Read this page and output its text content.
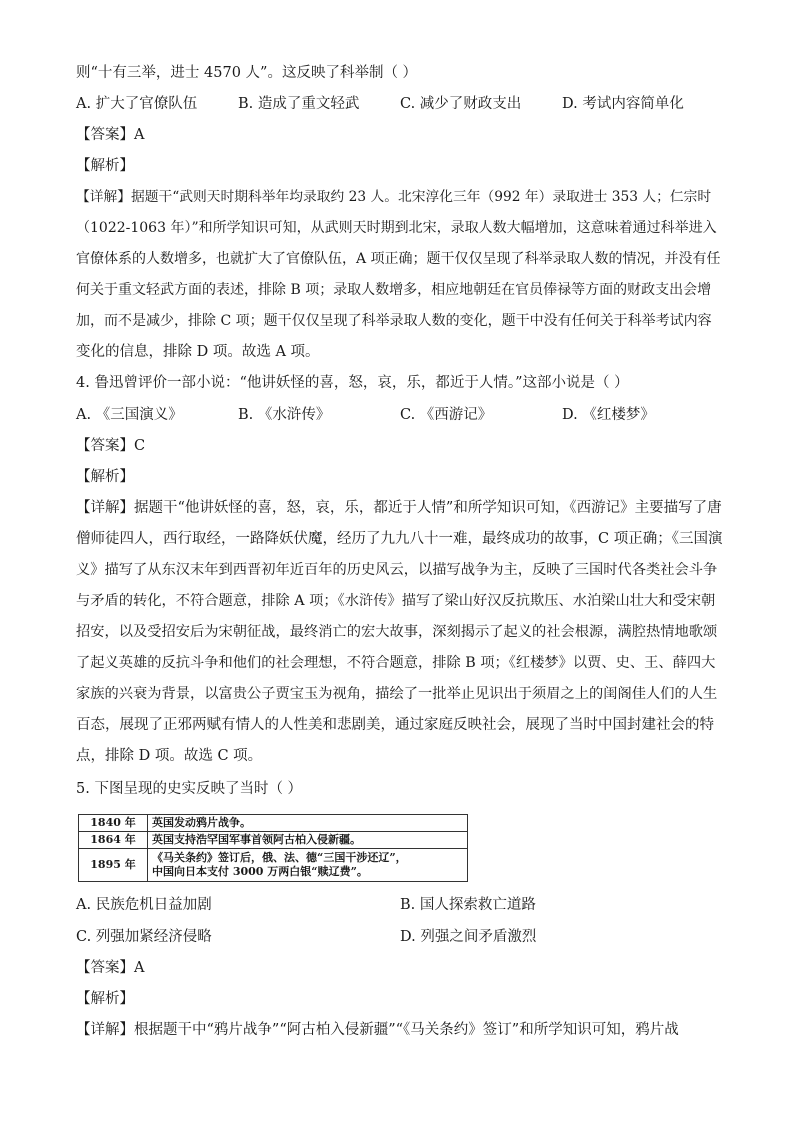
则“十有三举，进士 4570 人”。这反映了科举制（ ）
A. 扩大了官僚队伍	B. 造成了重文轻武	C. 减少了财政支出	D. 考试内容简单化
【答案】A
【解析】
【详解】据题干“武则天时期科举年均录取约 23 人。北宋淳化三年（992 年）录取进士 353 人；仁宗时
（1022-1063 年）”和所学知识可知，从武则天时期到北宋，录取人数大幅增加，这意味着通过科举进入
官僚体系的人数增多，也就扩大了官僚队伍，A 项正确；题干仅仅呈现了科举录取人数的情况，并没有任
何关于重文轻武方面的表述，排除 B 项；录取人数增多，相应地朝廷在官员俸禄等方面的财政支出会增
加，而不是减少，排除 C 项；题干仅仅呈现了科举录取人数的变化，题干中没有任何关于科举考试内容
变化的信息，排除 D 项。故选 A 项。
4. 鲁迅曾评价一部小说：“他讲妖怪的喜，怒，哀，乐，都近于人情。”这部小说是（ ）
A. 《三国演义》	B. 《水浒传》	C. 《西游记》	D. 《红楼梦》
【答案】C
【解析】
【详解】据题干“他讲妖怪的喜，怒，哀，乐，都近于人情”和所学知识可知，《西游记》主要描写了唐
僧师徒四人，西行取经，一路降妖伏魔，经历了九九八十一难，最终成功的故事，C 项正确；《三国演
义》描写了从东汉末年到西晋初年近百年的历史风云，以描写战争为主，反映了三国时代各类社会斗争
与矛盾的转化，不符合题意，排除 A 项；《水浒传》描写了梁山好汉反抗欺压、水泊梁山壮大和受宋朝
招安，以及受招安后为宋朝征战，最终消亡的宏大故事，深刻揭示了起义的社会根源，满腔热情地歌颂
了起义英雄的反抗斗争和他们的社会理想，不符合题意，排除 B 项；《红楼梦》以贾、史、王、薛四大
家族的兴衰为背景，以富贵公子贾宝玉为视角，描绘了一批举止见识出于须眉之上的闺阁佳人们的人生
百态，展现了正邪两赋有情人的人性美和悲剧美，通过家庭反映社会，展现了当时中国封建社会的特
点，排除 D 项。故选 C 项。
5. 下图呈现的史实反映了当时（ ）
1840 年	英国发动鸦片战争。
1864 年	英国支持浩罕国军事首领阿古柏入侵新疆。
1895 年	《马关条约》签订后，俄、法、德“三国干涉还辽”，
中国向日本支付 3000 万两白银“赎辽费”。
A. 民族危机日益加剧	B. 国人探索救亡道路
C. 列强加紧经济侵略	D. 列强之间矛盾激烈
【答案】A
【解析】
【详解】根据题干中“鸦片战争”“阿古柏入侵新疆”“《马关条约》签订”和所学知识可知，鸦片战
